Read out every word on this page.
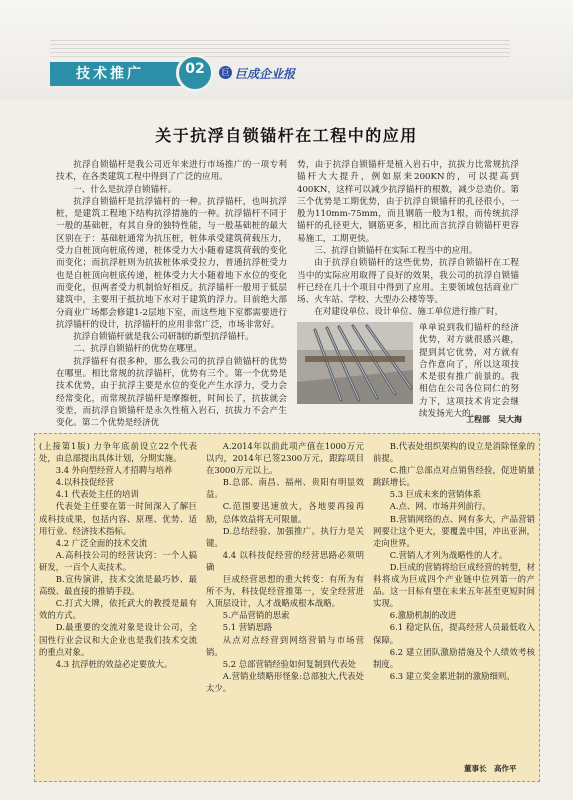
技术推广	02	巨 巨成企业报
关于抗浮自锁锚杆在工程中的应用

抗浮自锁锚杆是我公司近年来进行市场推广的一项专利技术，在各类建筑工程中得到了广泛的应用。

一、什么是抗浮自锁锚杆。

抗浮自锁锚杆是抗浮锚杆的一种。抗浮锚杆，也叫抗浮桩，是建筑工程地下结构抗浮措施的一种。抗浮锚杆不同于一般的基础桩，有其自身的独特性能，与一般基础桩的最大区别在于：基础桩通常为抗压桩，桩体承受建筑荷载压力，受力自桩顶向桩底传递，桩体受力大小随着建筑荷载的变化而变化；而抗浮桩则为抗拔桩体承受拉力，普通抗浮桩受力也是自桩顶向桩底传递，桩体受力大小随着地下水位的变化而变化，但两者受力机制恰好相反。抗浮锚杆一般用于低层建筑中，主要用于抵抗地下水对于建筑的浮力。目前绝大部分商业广场都会修建1-2层地下室，而这些地下室都需要进行抗浮锚杆的设计，抗浮锚杆的应用非常广泛，市场非常好。

抗浮自锁锚杆就是我公司研制的新型抗浮锚杆。

二、抗浮自锁锚杆的优势在哪里。

抗浮锚杆有很多种，那么我公司的抗浮自锁锚杆的优势在哪里。相比常规的抗浮锚杆，优势有三个。第一个优势是技术优势，由于抗浮主要是水位的变化产生水浮力，受力会经常变化，而常规抗浮锚杆是摩擦桩，时间长了，抗拔就会变差，而抗浮自锁锚杆是永久性植入岩石，抗拔力不会产生变化。第二个优势是经济优

势，由于抗浮自锁锚杆是植入岩石中，抗拔力比常规抗浮锚杆大大提升，例如原来200KN的，可以提高到400KN，这样可以减少抗浮锚杆的根数，减少总造价。第三个优势是工期优势，由于抗浮自锁锚杆的孔径很小，一般为110mm-75mm，而且钢筋一般为1根，而传统抗浮锚杆的孔径更大，钢筋更多，相比而言抗浮自锁锚杆更容易施工，工期更快。

三、抗浮自锁锚杆在实际工程当中的应用。

由于抗浮自锁锚杆的这些优势，抗浮自锁锚杆在工程当中的实际应用取得了良好的效果，我公司的抗浮自锁锚杆已经在几十个项目中得到了应用。主要领域包括商业广场、火车站、学校、大型办公楼等等。

在对建设单位、设计单位、施工单位进行推广时，

单单说到我们锚杆的经济优势，对方就很感兴趣，提到其它优势，对方就有合作意向了，所以这项技术是很有推广前景的。我相信在公司各位同仁的努力下，这项技术肯定会继续发扬光大的。

工程部　吴大海

(上接第1版) 力争年底前设立22个代表处，由总部提出具体计划，分期实施。

3.4 外向型经营人才招聘与培养

4.以科技促经营

4.1 代表处主任的培训

代表处主任要在第一时间深入了解巨成科技成果，包括内容、原理、优势、适用行业、经济技术指标。

4.2 广泛全面的技术交流

A.高科技公司的经营诀窍：一个人搞研发，一百个人卖技术。

B.宣传演讲，技术交流是最巧妙、最高级、最直接的推销手段。

C.打式大牌，依托武大的教授是最有效的方式。

D.最重要的交流对象是设计公司，全国性行业会议和大企业也是我们技术交流的重点对象。

4.3 抗浮桩的效益必定要放大。

A.2014年以前此项产值在1000万元以内，2014年已签2300万元，跟踪项目在3000万元以上。

B.总部、南昌、福州、贵阳有明显效益。

C.范围要迅速放大，各地要再接再励，总体效益将无可限量。

D.总结经验、加强推广。执行力是关键。

4.4 以科技促经营的经营思路必须明确

巨成经营思想的重大转变：有所为有所不为，科技促经营推第一，安全经营进入顶层设计，人才战略成根本战略。

5.产品营销的思索

5.1 营销思路

从点对点经营到网络营销与市场营销。

5.2 总部营销经验如何复制到代表处

A.营销业绩略形怪象:总部独大,代表处太少。

B.代表处组织架构的设立是消除怪象的前提。

C.推广总部点对点销售经验，促进销量跳跃增长。

5.3 巨成未来的营销体系

A.点、网、市场并列前行。

B.营销网络的点、网有多大，产品营销网要让这个更大，要覆盖中国，冲出亚洲，走向世界。

C.营销人才列为战略性的人才。

D.巨成的营销将给巨成经营的转型，材料将成为巨成四个产业链中位列第一的产品。这一目标有望在未来五年甚至更短时间实现。

6.激励机制的改进

6.1 稳定队伍，提高经营人员最低收入保障。

6.2 建立团队激励措施及个人绩效考核制度。

6.3 建立奖金累进制的激励细则。

董事长　高作平
